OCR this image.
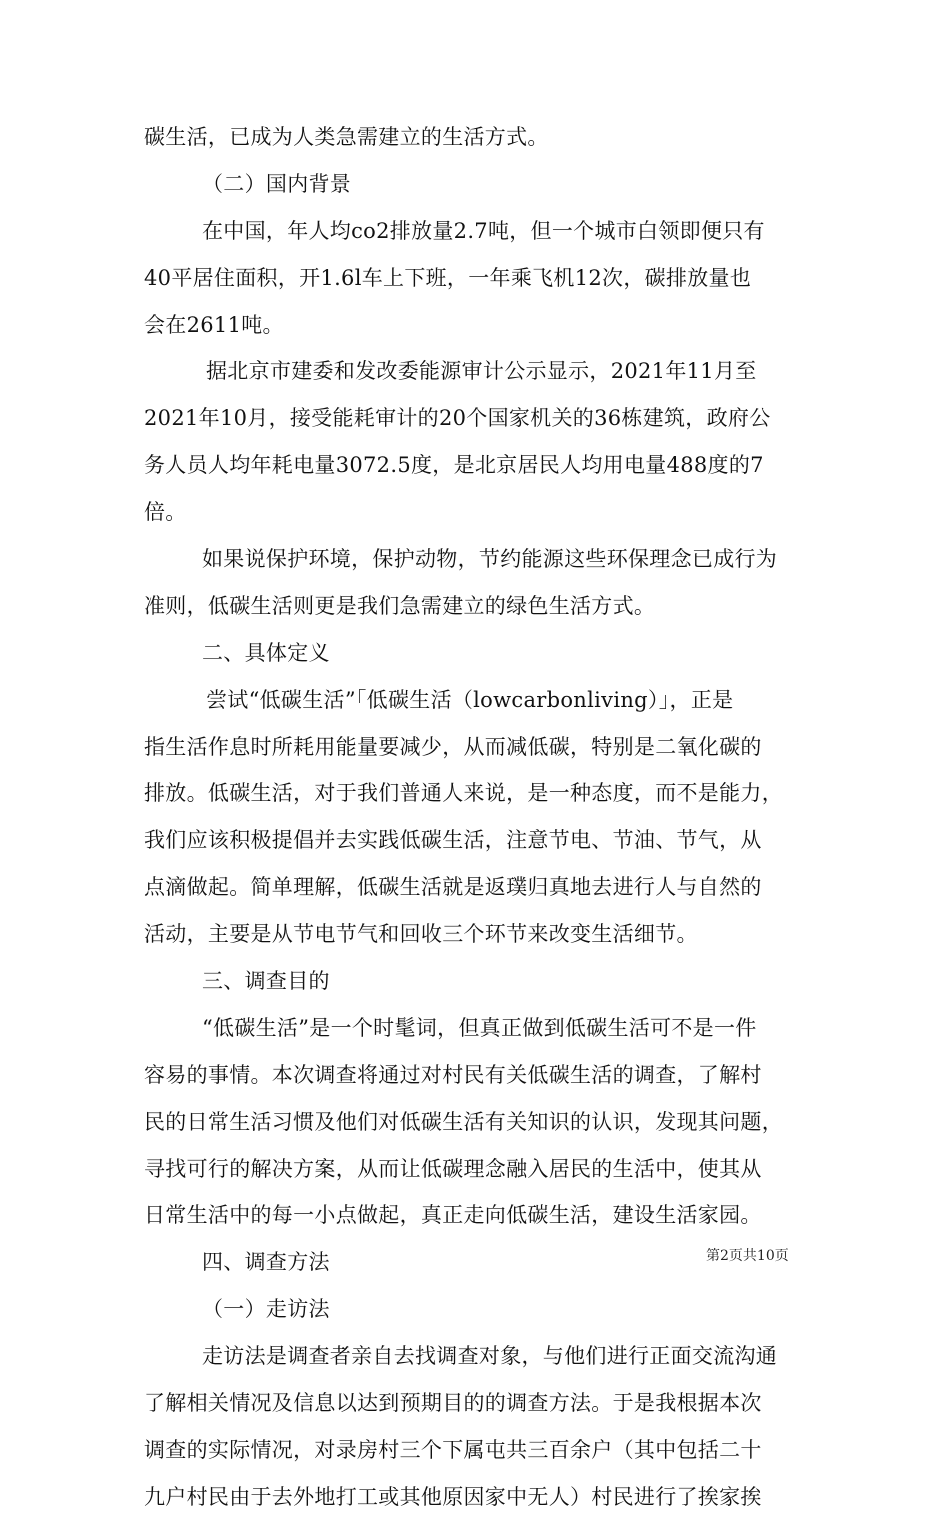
碳生活，已成为人类急需建立的生活方式。
（二）国内背景
在中国，年人均co2排放量2.7吨，但一个城市白领即便只有
40平居住面积，开1.6l车上下班，一年乘飞机12次，碳排放量也
会在2611吨。
据北京市建委和发改委能源审计公示显示，2021年11月至
2021年10月，接受能耗审计的20个国家机关的36栋建筑，政府公
务人员人均年耗电量3072.5度，是北京居民人均用电量488度的7
倍。
如果说保护环境，保护动物，节约能源这些环保理念已成行为
准则，低碳生活则更是我们急需建立的绿色生活方式。
二、具体定义
尝试“低碳生活”「低碳生活（lowcarbonliving）」，正是
指生活作息时所耗用能量要减少，从而减低碳，特别是二氧化碳的
排放。低碳生活，对于我们普通人来说，是一种态度，而不是能力，
我们应该积极提倡并去实践低碳生活，注意节电、节油、节气，从
点滴做起。简单理解，低碳生活就是返璞归真地去进行人与自然的
活动，主要是从节电节气和回收三个环节来改变生活细节。
三、调查目的
“低碳生活”是一个时髦词，但真正做到低碳生活可不是一件
容易的事情。本次调查将通过对村民有关低碳生活的调查，了解村
民的日常生活习惯及他们对低碳生活有关知识的认识，发现其问题，
寻找可行的解决方案，从而让低碳理念融入居民的生活中，使其从
日常生活中的每一小点做起，真正走向低碳生活，建设生活家园。
四、调查方法
（一）走访法
走访法是调查者亲自去找调查对象，与他们进行正面交流沟通
了解相关情况及信息以达到预期目的的调查方法。于是我根据本次
调查的实际情况，对录房村三个下属屯共三百余户（其中包括二十
九户村民由于去外地打工或其他原因家中无人）村民进行了挨家挨
第2页共10页
